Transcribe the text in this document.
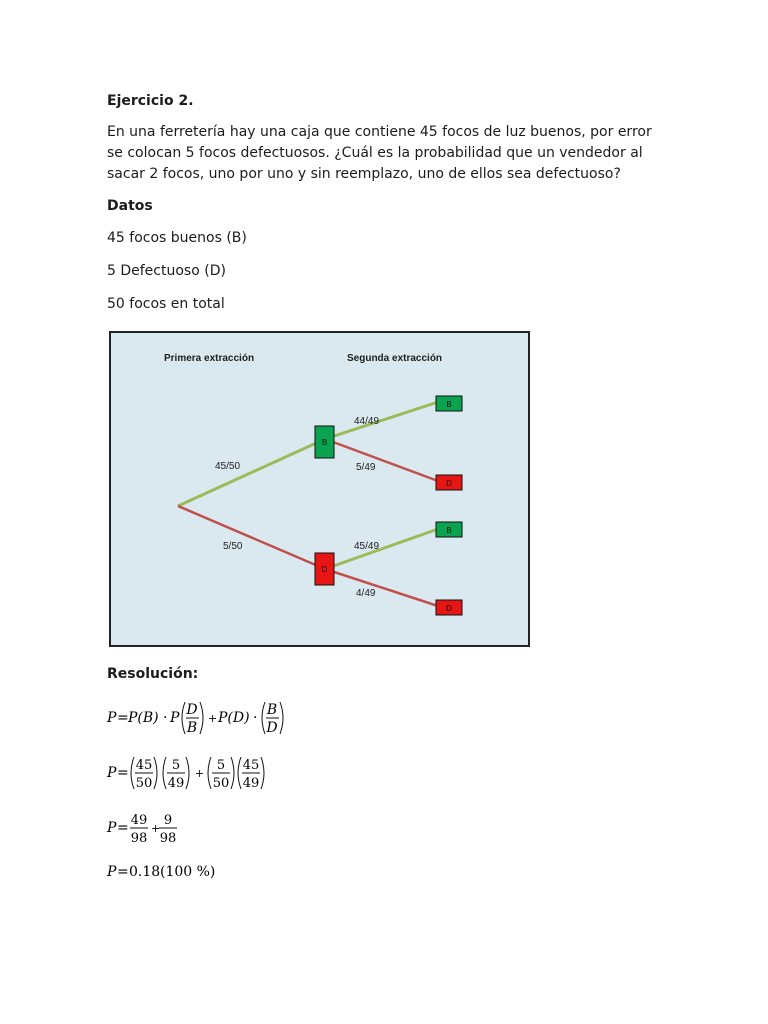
Ejercicio 2.

En una ferretería hay una caja que contiene 45 focos de luz buenos, por error se colocan 5 focos defectuosos. ¿Cuál es la probabilidad que un vendedor al sacar 2 focos, uno por uno y sin reemplazo, uno de ellos sea defectuoso?

Datos

45 focos buenos (B)

5 Defectuoso (D)

50 focos en total

Primera extracción	Segunda extracción
45/50
5/50
44/49
5/49
45/49
4/49
B
D
B
D
B
D

Resolución:

P = P(B) · P D
B
+ P(D) · B
D
P = 45
50
5
49
+
5
50
45
49
P = 49
98
+
9
98
P = 0.18 (100 %)
